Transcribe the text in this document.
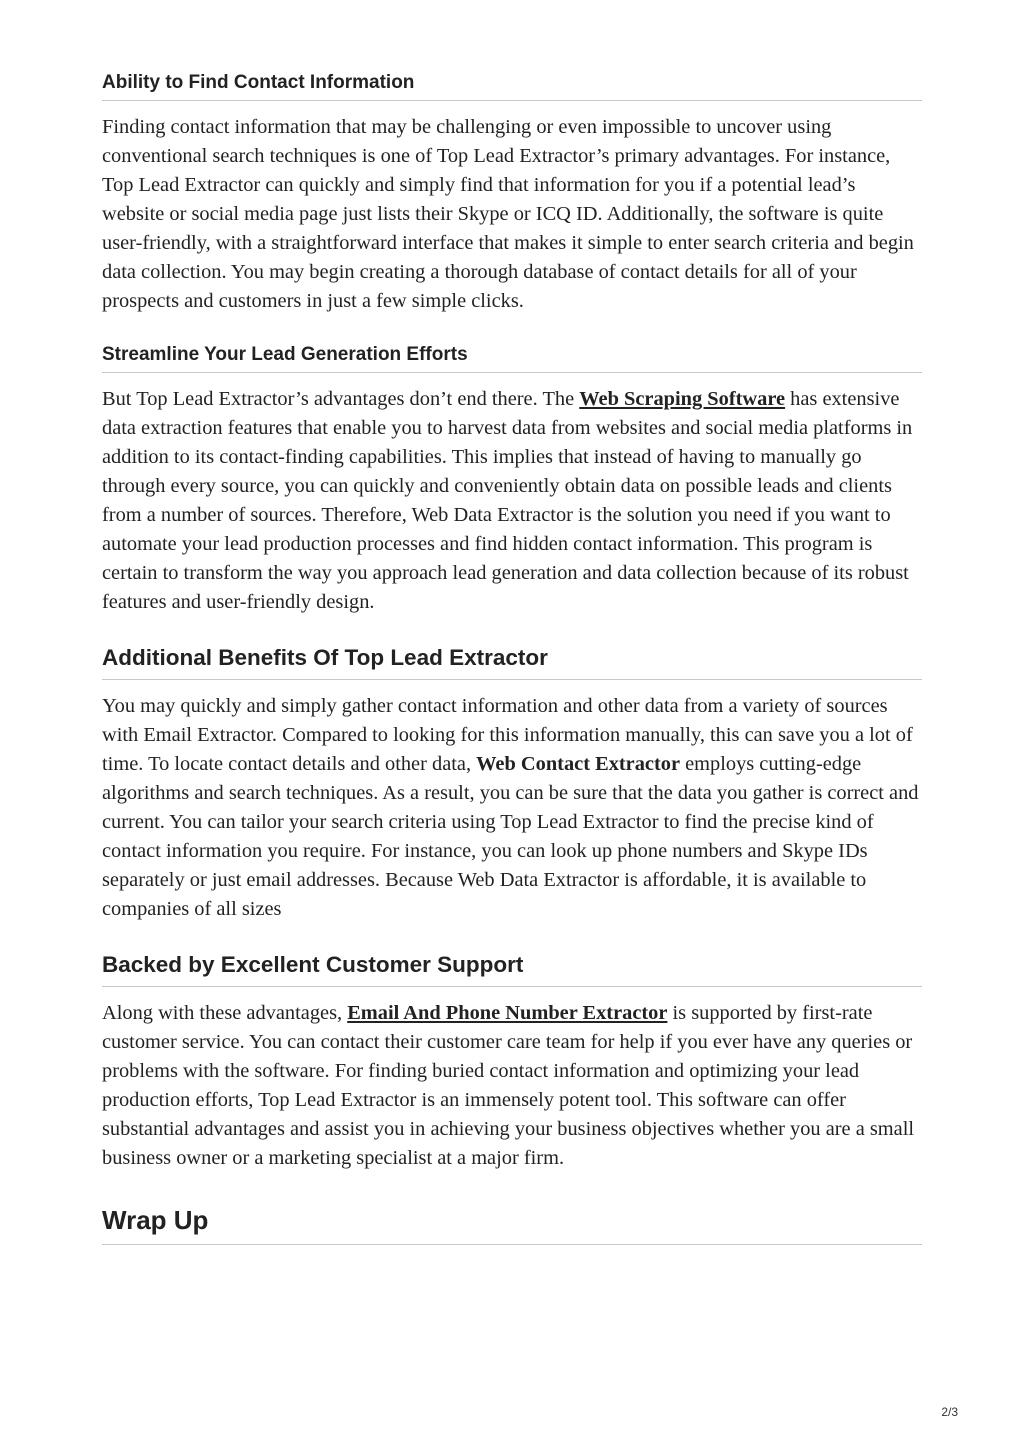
Ability to Find Contact Information

Finding contact information that may be challenging or even impossible to uncover using conventional search techniques is one of Top Lead Extractor’s primary advantages. For instance, Top Lead Extractor can quickly and simply find that information for you if a potential lead’s website or social media page just lists their Skype or ICQ ID. Additionally, the software is quite user-friendly, with a straightforward interface that makes it simple to enter search criteria and begin data collection. You may begin creating a thorough database of contact details for all of your prospects and customers in just a few simple clicks.

Streamline Your Lead Generation Efforts

But Top Lead Extractor’s advantages don’t end there. The Web Scraping Software has extensive data extraction features that enable you to harvest data from websites and social media platforms in addition to its contact-finding capabilities. This implies that instead of having to manually go through every source, you can quickly and conveniently obtain data on possible leads and clients from a number of sources. Therefore, Web Data Extractor is the solution you need if you want to automate your lead production processes and find hidden contact information. This program is certain to transform the way you approach lead generation and data collection because of its robust features and user-friendly design.

Additional Benefits Of Top Lead Extractor

You may quickly and simply gather contact information and other data from a variety of sources with Email Extractor. Compared to looking for this information manually, this can save you a lot of time. To locate contact details and other data, Web Contact Extractor employs cutting-edge algorithms and search techniques. As a result, you can be sure that the data you gather is correct and current. You can tailor your search criteria using Top Lead Extractor to find the precise kind of contact information you require. For instance, you can look up phone numbers and Skype IDs separately or just email addresses. Because Web Data Extractor is affordable, it is available to companies of all sizes

Backed by Excellent Customer Support

Along with these advantages, Email And Phone Number Extractor is supported by first-rate customer service. You can contact their customer care team for help if you ever have any queries or problems with the software. For finding buried contact information and optimizing your lead production efforts, Top Lead Extractor is an immensely potent tool. This software can offer substantial advantages and assist you in achieving your business objectives whether you are a small business owner or a marketing specialist at a major firm.

Wrap Up
2/3
